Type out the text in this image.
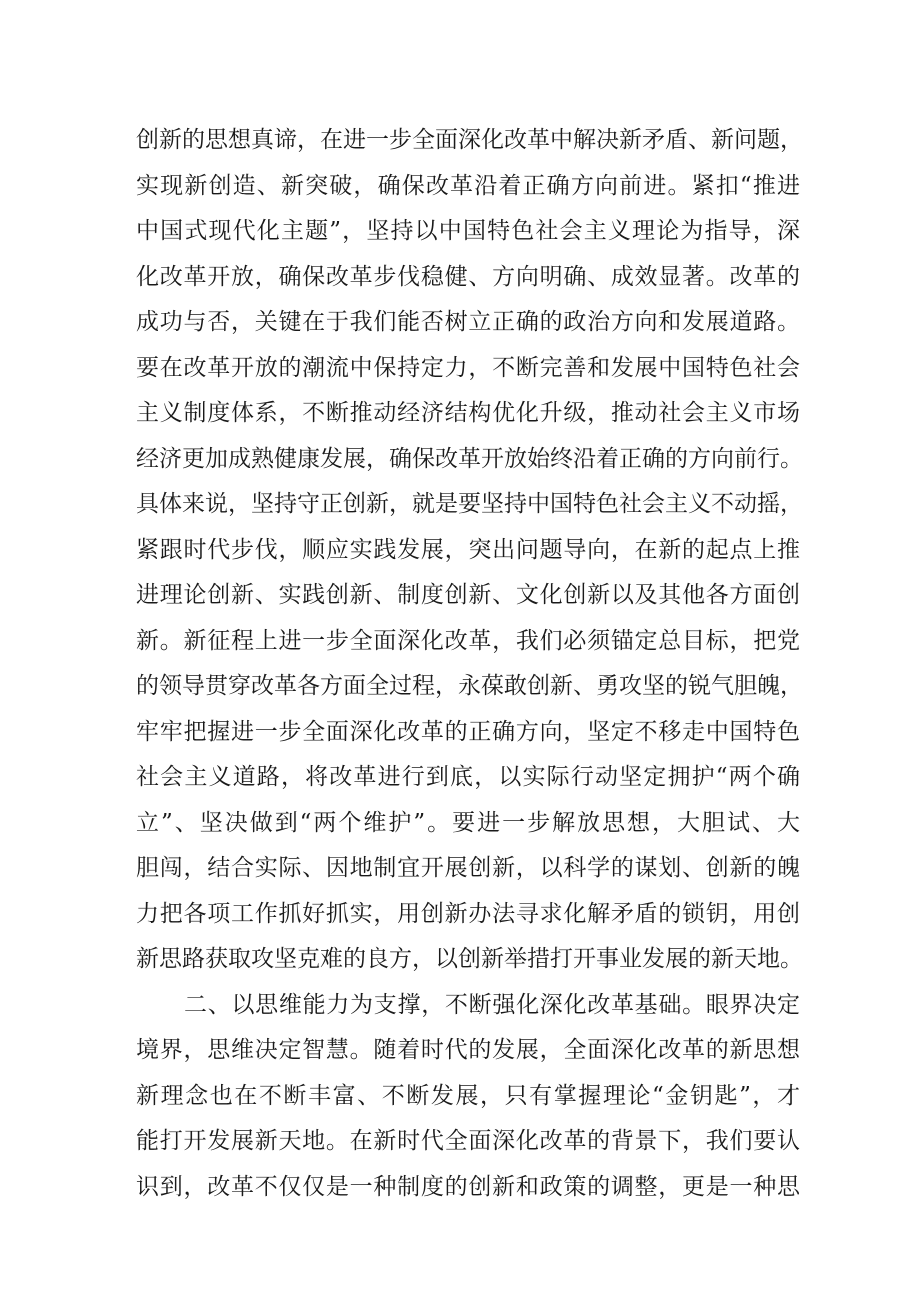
创新的思想真谛，在进一步全面深化改革中解决新矛盾、新问题，
实现新创造、新突破，确保改革沿着正确方向前进。紧扣“推进
中国式现代化主题”，坚持以中国特色社会主义理论为指导，深
化改革开放，确保改革步伐稳健、方向明确、成效显著。改革的
成功与否，关键在于我们能否树立正确的政治方向和发展道路。
要在改革开放的潮流中保持定力，不断完善和发展中国特色社会
主义制度体系，不断推动经济结构优化升级，推动社会主义市场
经济更加成熟健康发展，确保改革开放始终沿着正确的方向前行。
具体来说，坚持守正创新，就是要坚持中国特色社会主义不动摇，
紧跟时代步伐，顺应实践发展，突出问题导向，在新的起点上推
进理论创新、实践创新、制度创新、文化创新以及其他各方面创
新。新征程上进一步全面深化改革，我们必须锚定总目标，把党
的领导贯穿改革各方面全过程，永葆敢创新、勇攻坚的锐气胆魄，
牢牢把握进一步全面深化改革的正确方向，坚定不移走中国特色
社会主义道路，将改革进行到底，以实际行动坚定拥护“两个确
立”、坚决做到“两个维护”。要进一步解放思想，大胆试、大
胆闯，结合实际、因地制宜开展创新，以科学的谋划、创新的魄
力把各项工作抓好抓实，用创新办法寻求化解矛盾的锁钥，用创
新思路获取攻坚克难的良方，以创新举措打开事业发展的新天地。
二、以思维能力为支撑，不断强化深化改革基础。眼界决定
境界，思维决定智慧。随着时代的发展，全面深化改革的新思想
新理念也在不断丰富、不断发展，只有掌握理论“金钥匙”，才
能打开发展新天地。在新时代全面深化改革的背景下，我们要认
识到，改革不仅仅是一种制度的创新和政策的调整，更是一种思
